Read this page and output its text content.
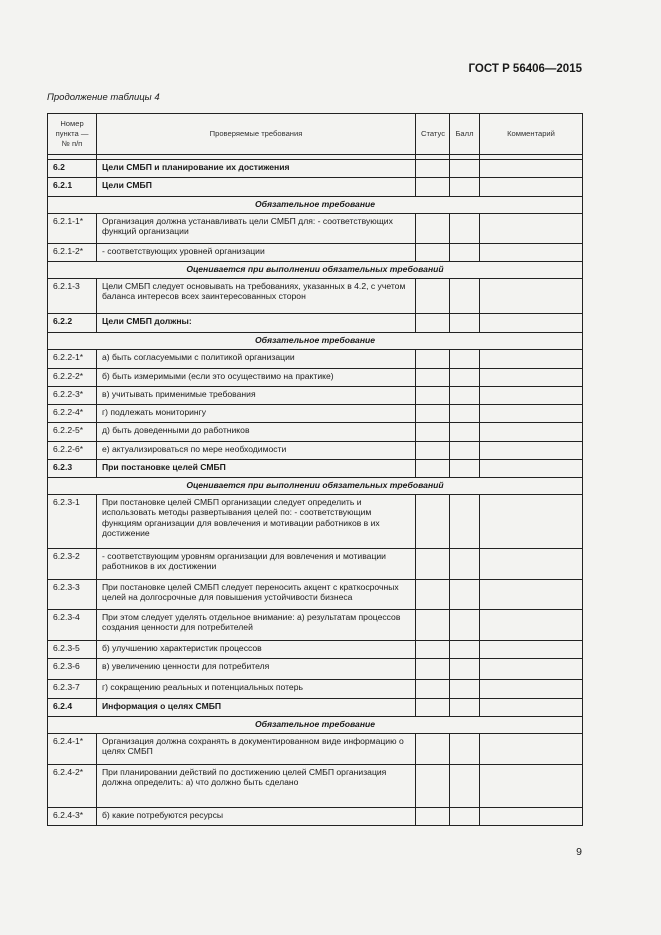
ГОСТ Р 56406—2015
Продолжение таблицы 4
Номер пункта — № п/п	Проверяемые требования	Статус	Балл	Комментарий

6.2	Цели СМБП и планирование их достижения			
6.2.1	Цели СМБП			
Обязательное требование				
6.2.1-1*	Организация должна устанавливать цели СМБП для: - соответствующих функций организации			
6.2.1-2*	- соответствующих уровней организации			
Оценивается при выполнении обязательных требований				
6.2.1-3	Цели СМБП следует основывать на требованиях, указанных в 4.2, с учетом баланса интересов всех заинтересованных сторон			
6.2.2	Цели СМБП должны:			
Обязательное требование				
6.2.2-1*	а) быть согласуемыми с политикой организации			
6.2.2-2*	б) быть измеримыми (если это осуществимо на практике)			
6.2.2-3*	в) учитывать применимые требования			
6.2.2-4*	г) подлежать мониторингу			
6.2.2-5*	д) быть доведенными до работников			
6.2.2-6*	е) актуализироваться по мере необходимости			
6.2.3	При постановке целей СМБП			
Оценивается при выполнении обязательных требований				
6.2.3-1	При постановке целей СМБП организации следует определить и использовать методы развертывания целей по: - соответствующим функциям организации для вовлечения и мотивации работников в их достижение			
6.2.3-2	- соответствующим уровням организации для вовлечения и мотивации работников в их достижении			
6.2.3-3	При постановке целей СМБП следует переносить акцент с краткосрочных целей на долгосрочные для повышения устойчивости бизнеса			
6.2.3-4	При этом следует уделять отдельное внимание: а) результатам процессов создания ценности для потребителей			
6.2.3-5	б) улучшению характеристик процессов			
6.2.3-6	в) увеличению ценности для потребителя			
6.2.3-7	г) сокращению реальных и потенциальных потерь			
6.2.4	Информация о целях СМБП			
Обязательное требование				
6.2.4-1*	Организация должна сохранять в документированном виде информацию о целях СМБП			
6.2.4-2*	При планировании действий по достижению целей СМБП организация должна определить: а) что должно быть сделано			
6.2.4-3*	б) какие потребуются ресурсы			
9
